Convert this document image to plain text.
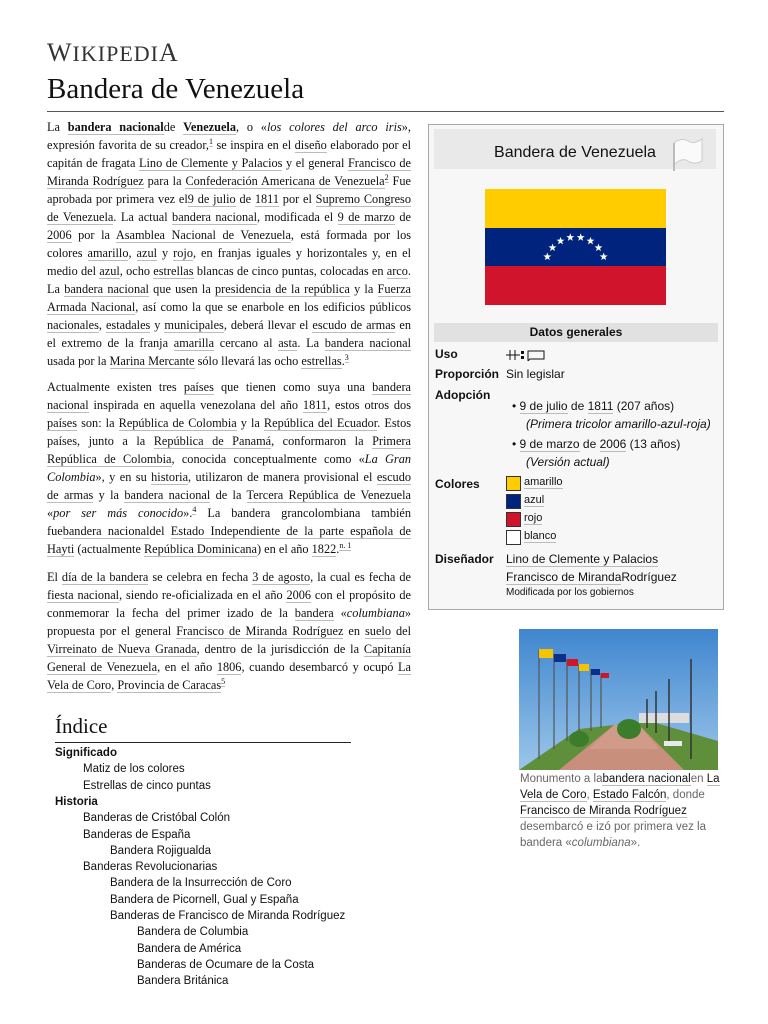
WIKIPEDIA
Bandera de Venezuela

La bandera nacionalde Venezuela, o «los colores del arco iris», expresión favorita de su creador,$^1$ se inspira en el diseño elaborado por el capitán de fragata Lino de Clemente y Palacios y el general Francisco de Miranda Rodríguez para la Confederación Americana de Venezuela$^2$ Fue aprobada por primera vez el9 de julio de 1811 por el Supremo Congreso de Venezuela. La actual bandera nacional, modificada el 9 de marzo de 2006 por la Asamblea Nacional de Venezuela, está formada por los colores amarillo, azul y rojo, en franjas iguales y horizontales y, en el medio del azul, ocho estrellas blancas de cinco puntas, colocadas en arco. La bandera nacional que usen la presidencia de la república y la Fuerza Armada Nacional, así como la que se enarbole en los edificios públicos nacionales, estadales y municipales, deberá llevar el escudo de armas en el extremo de la franja amarilla cercano al asta. La bandera nacional usada por la Marina Mercante sólo llevará las ocho estrellas.$^3$

Actualmente existen tres países que tienen como suya una bandera nacional inspirada en aquella venezolana del año 1811, estos otros dos países son: la República de Colombia y la República del Ecuador. Estos países, junto a la República de Panamá, conformaron la Primera República de Colombia, conocida conceptualmente como «La Gran Colombia», y en su historia, utilizaron de manera provisional el escudo de armas y la bandera nacional de la Tercera República de Venezuela «por ser más conocido».$^4$ La bandera grancolombiana también fuebandera nacionaldel Estado Independiente de la parte española de Hayti (actualmente República Dominicana) en el año 1822.$^{n. 1}$

El día de la bandera se celebra en fecha 3 de agosto, la cual es fecha de fiesta nacional, siendo re-oficializada en el año 2006 con el propósito de conmemorar la fecha del primer izado de la bandera «columbiana» propuesta por el general Francisco de Miranda Rodríguez en suelo del Virreinato de Nueva Granada, dentro de la jurisdicción de la Capitanía General de Venezuela, en el año 1806, cuando desembarcó y ocupó La Vela de Coro, Provincia de Caracas$^5$

Bandera de Venezuela
Datos generales
Uso
Proporción Sin legislar
Adopción
• 9 de julio de 1811 (207 años)
(Primera tricolor amarillo-azul-roja)
• 9 de marzo de 2006 (13 años)
(Versión actual)
Colores	amarillo
azul
rojo
blanco
Diseñador Lino de Clemente y Palacios
Francisco de MirandaRodríguez
Modificada por los gobiernos

Monumento a labandera nacionalen La Vela de Coro, Estado Falcón, donde Francisco de Miranda Rodríguez desembarcó e izó por primera vez la bandera «columbiana».

Índice
Significado
Matiz de los colores
Estrellas de cinco puntas
Historia
Banderas de Cristóbal Colón
Banderas de España
Bandera Rojigualda
Banderas Revolucionarias
Bandera de la Insurrección de Coro
Bandera de Picornell, Gual y España
Banderas de Francisco de Miranda Rodríguez
Bandera de Columbia
Bandera de América
Banderas de Ocumare de la Costa
Bandera Británica
